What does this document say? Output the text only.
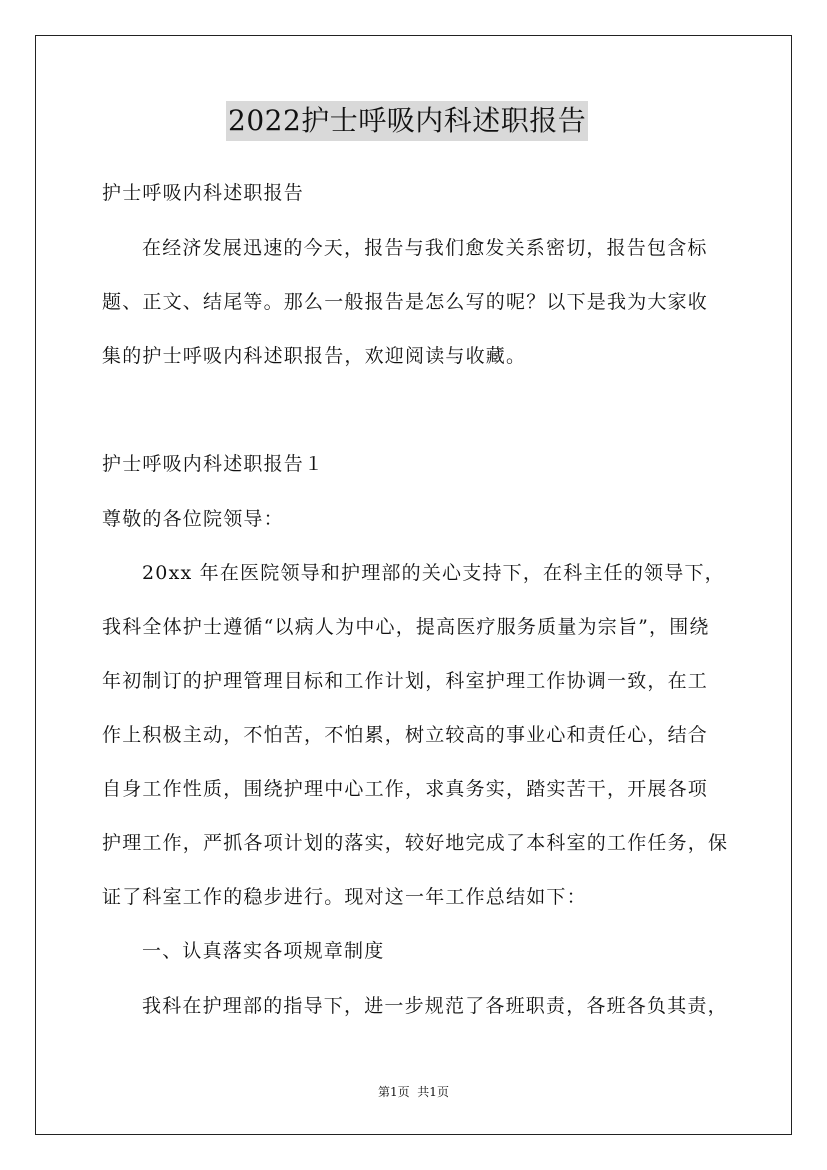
2022护士呼吸内科述职报告

护士呼吸内科述职报告

在经济发展迅速的今天，报告与我们愈发关系密切，报告包含标

题、正文、结尾等。那么一般报告是怎么写的呢？以下是我为大家收

集的护士呼吸内科述职报告，欢迎阅读与收藏。

护士呼吸内科述职报告１

尊敬的各位院领导：

20xx 年在医院领导和护理部的关心支持下，在科主任的领导下，

我科全体护士遵循“以病人为中心，提高医疗服务质量为宗旨”，围绕

年初制订的护理管理目标和工作计划，科室护理工作协调一致，在工

作上积极主动，不怕苦，不怕累，树立较高的事业心和责任心，结合

自身工作性质，围绕护理中心工作，求真务实，踏实苦干，开展各项

护理工作，严抓各项计划的落实，较好地完成了本科室的工作任务，保

证了科室工作的稳步进行。现对这一年工作总结如下：

一、认真落实各项规章制度

我科在护理部的指导下，进一步规范了各班职责，各班各负其责，

第1页  共1页
